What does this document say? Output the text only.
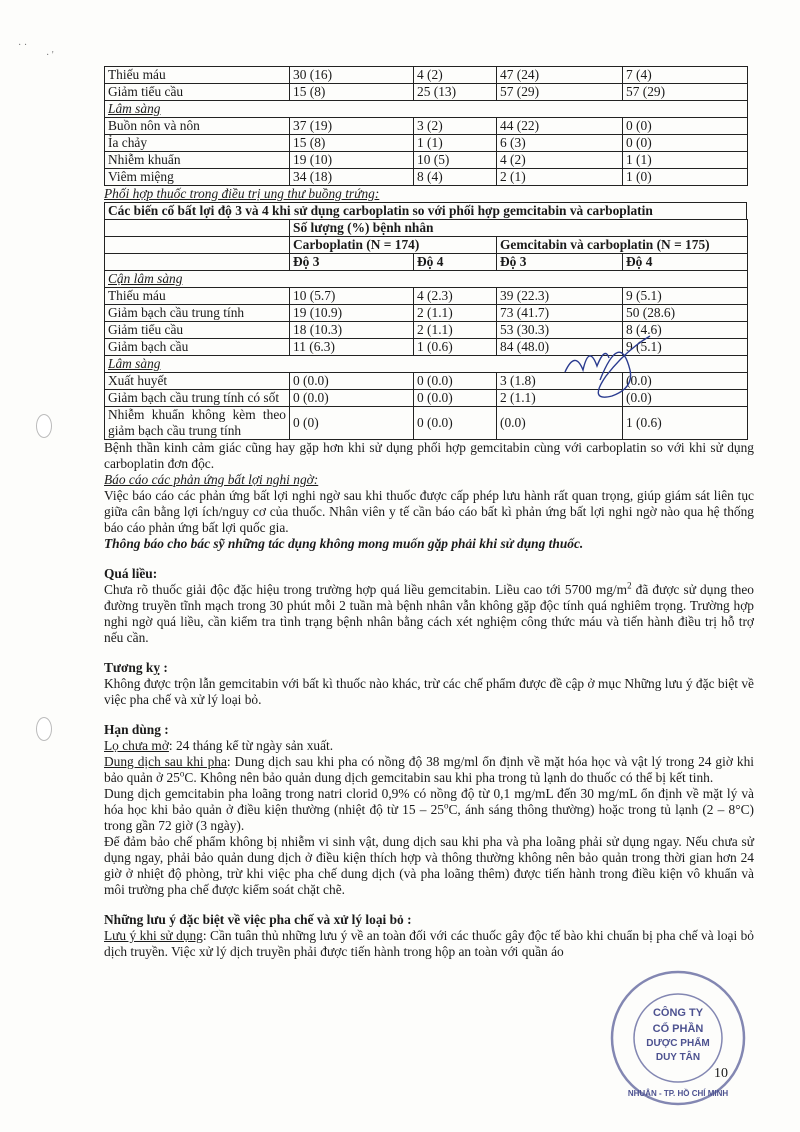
· ·
· '
Thiếu máu	30 (16)	4 (2)	47 (24)	7 (4)
Giảm tiểu cầu	15 (8)	25 (13)	57 (29)	57 (29)
Lâm sàng				
Buồn nôn và nôn	37 (19)	3 (2)	44 (22)	0 (0)
Ỉa chảy	15 (8)	1 (1)	6 (3)	0 (0)
Nhiễm khuẩn	19 (10)	10 (5)	4 (2)	1 (1)
Viêm miệng	34 (18)	8 (4)	2 (1)	1 (0)
Phối hợp thuốc trong điều trị ung thư buồng trứng:
Các biến cố bất lợi độ 3 và 4 khi sử dụng carboplatin so với phối hợp gemcitabin và carboplatin
	Số lượng (%) bệnh nhân			
	Carboplatin (N = 174)		Gemcitabin và carboplatin (N = 175)	
	Độ 3	Độ 4	Độ 3	Độ 4
Cận lâm sàng				
Thiếu máu	10 (5.7)	4 (2.3)	39 (22.3)	9 (5.1)
Giảm bạch cầu trung tính	19 (10.9)	2 (1.1)	73 (41.7)	50 (28.6)
Giảm tiểu cầu	18 (10.3)	2 (1.1)	53 (30.3)	8 (4.6)
Giảm bạch cầu	11 (6.3)	1 (0.6)	84 (48.0)	9 (5.1)
Lâm sàng				
Xuất huyết	0 (0.0)	0 (0.0)	3 (1.8)	(0.0)
Giảm bạch cầu trung tính có sốt	0 (0.0)	0 (0.0)	2 (1.1)	(0.0)
Nhiễm khuẩn không kèm theo giảm bạch cầu trung tính	0 (0)	0 (0.0)	(0.0)	1 (0.6)

Bệnh thần kinh cảm giác cũng hay gặp hơn khi sử dụng phối hợp gemcitabin cùng với carboplatin so với khi sử dụng carboplatin đơn độc.

Báo cáo các phản ứng bất lợi nghi ngờ:

Việc báo cáo các phản ứng bất lợi nghi ngờ sau khi thuốc được cấp phép lưu hành rất quan trọng, giúp giám sát liên tục giữa cân bằng lợi ích/nguy cơ của thuốc. Nhân viên y tế cần báo cáo bất kì phản ứng bất lợi nghi ngờ nào qua hệ thống báo cáo phản ứng bất lợi quốc gia.

Thông báo cho bác sỹ những tác dụng không mong muốn gặp phải khi sử dụng thuốc.

Quá liều:

Chưa rõ thuốc giải độc đặc hiệu trong trường hợp quá liều gemcitabin. Liều cao tới 5700 $mg/m^2$ đã được sử dụng theo đường truyền tĩnh mạch trong 30 phút mỗi 2 tuần mà bệnh nhân vẫn không gặp độc tính quá nghiêm trọng. Trường hợp nghi ngờ quá liều, cần kiểm tra tình trạng bệnh nhân bằng cách xét nghiệm công thức máu và tiến hành điều trị hỗ trợ nếu cần.

Tương kỵ :

Không được trộn lẫn gemcitabin với bất kì thuốc nào khác, trừ các chế phẩm được đề cập ở mục Những lưu ý đặc biệt về việc pha chế và xử lý loại bỏ.

Hạn dùng :

Lọ chưa mở: 24 tháng kể từ ngày sản xuất.

Dung dịch sau khi pha: Dung dịch sau khi pha có nồng độ 38 mg/ml ổn định về mặt hóa học và vật lý trong 24 giờ khi bảo quản ở 25$^o$C. Không nên bảo quản dung dịch gemcitabin sau khi pha trong tủ lạnh do thuốc có thể bị kết tinh.

Dung dịch gemcitabin pha loãng trong natri clorid 0,9% có nồng độ từ 0,1 mg/mL đến 30 mg/mL ổn định về mặt lý và hóa học khi bảo quản ở điều kiện thường (nhiệt độ từ 15 – 25$^o$C, ánh sáng thông thường) hoặc trong tủ lạnh (2 – 8°C) trong gần 72 giờ (3 ngày).

Để đảm bảo chế phẩm không bị nhiễm vi sinh vật, dung dịch sau khi pha và pha loãng phải sử dụng ngay. Nếu chưa sử dụng ngay, phải bảo quản dung dịch ở điều kiện thích hợp và thông thường không nên bảo quản trong thời gian hơn 24 giờ ở nhiệt độ phòng, trừ khi việc pha chế dung dịch (và pha loãng thêm) được tiến hành trong điều kiện vô khuẩn và môi trường pha chế được kiểm soát chặt chẽ.

Những lưu ý đặc biệt về việc pha chế và xử lý loại bỏ :

Lưu ý khi sử dụng: Cần tuân thủ những lưu ý về an toàn đối với các thuốc gây độc tế bào khi chuẩn bị pha chế và loại bỏ dịch truyền. Việc xử lý dịch truyền phải được tiến hành trong hộp an toàn với quần áo

CÔNG TY
CỔ PHẦN
DƯỢC PHẨM
DUY TÂN
NHUẬN - TP. HỒ CHÍ MINH
10
